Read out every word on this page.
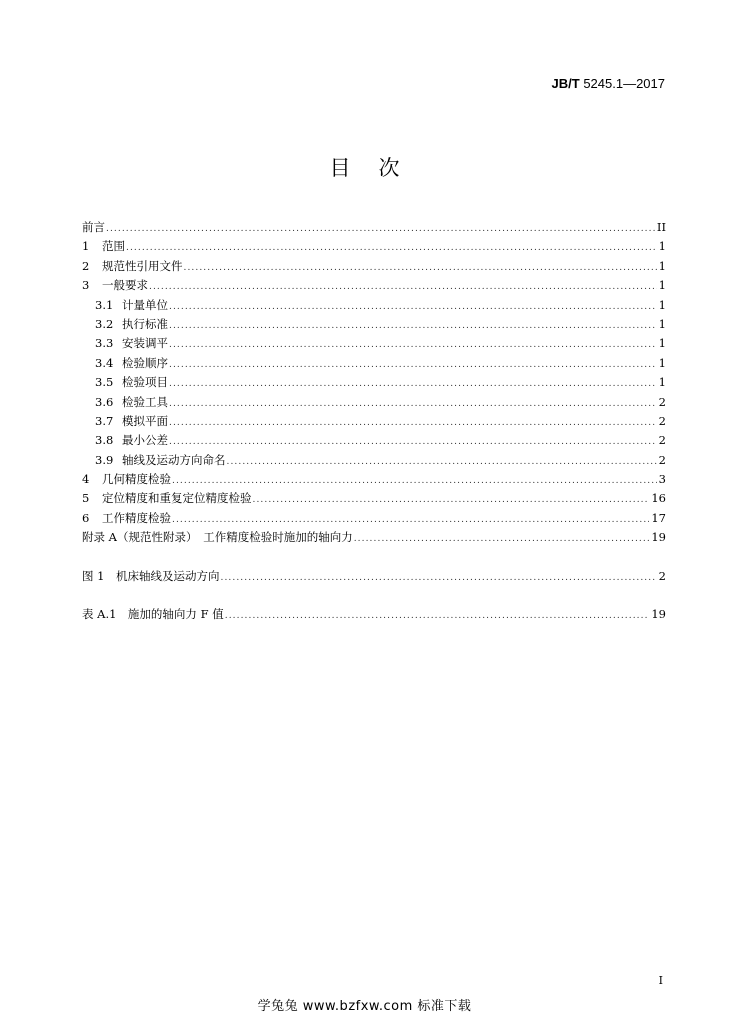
JB/T 5245.1—2017
目次
前言 .....	II
1	范围 .....	1
2	规范性引用文件 .....	1
3	一般要求 .....	1
3.1 计量单位 .....	1
3.2 执行标准 .....	1
3.3 安装调平 .....	1
3.4 检验顺序 .....	1
3.5 检验项目 .....	1
3.6 检验工具 .....	2
3.7 模拟平面 .....	2
3.8 最小公差 .....	2
3.9 轴线及运动方向命名 .....	2
4	几何精度检验 .....	3
5	定位精度和重复定位精度检验 .....	16
6	工作精度检验 .....	17
附录 A（规范性附录）　工作精度检验时施加的轴向力 .....	19
图 1　机床轴线及运动方向 .....	2
表 A.1　施加的轴向力 F 值 .....	19
I
学兔兔 www.bzfxw.com 标准下载
